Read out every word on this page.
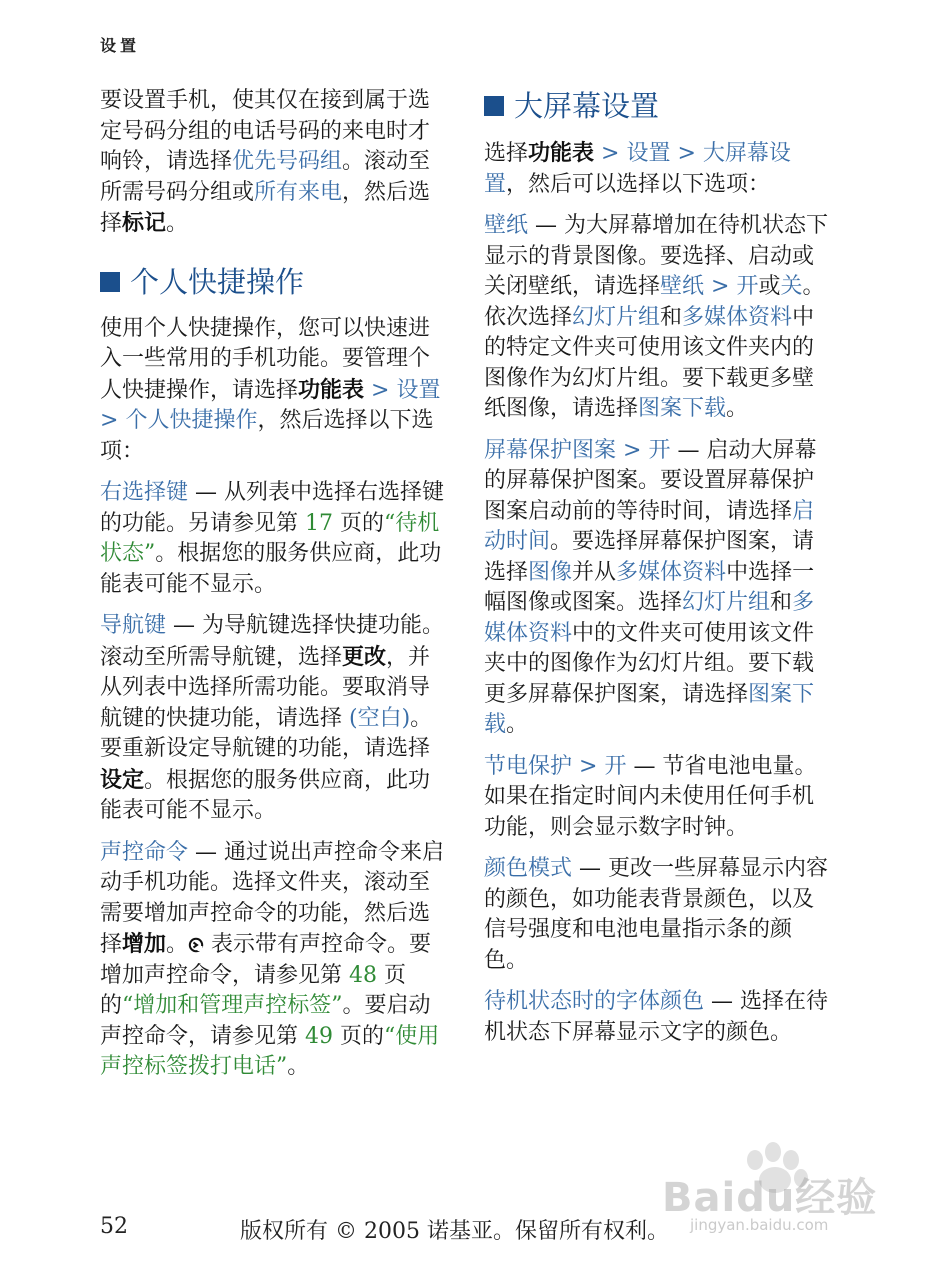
设置

要设置手机，使其仅在接到属于选定号码分组的电话号码的来电时才响铃，请选择优先号码组。滚动至所需号码分组或所有来电，然后选择标记。

个人快捷操作

使用个人快捷操作，您可以快速进入一些常用的手机功能。要管理个人快捷操作，请选择功能表 > 设置 > 个人快捷操作，然后选择以下选项：

右选择键 — 从列表中选择右选择键的功能。另请参见第 17 页的“待机状态”。根据您的服务供应商，此功能表可能不显示。

导航键 — 为导航键选择快捷功能。滚动至所需导航键，选择更改，并从列表中选择所需功能。要取消导航键的快捷功能，请选择 (空白)。要重新设定导航键的功能，请选择设定。根据您的服务供应商，此功能表可能不显示。

声控命令 — 通过说出声控命令来启动手机功能。选择文件夹，滚动至需要增加声控命令的功能，然后选择增加。 表示带有声控命令。要增加声控命令，请参见第 48 页的“增加和管理声控标签”。要启动声控命令，请参见第 49 页的“使用声控标签拨打电话”。

大屏幕设置

选择功能表 > 设置 > 大屏幕设置，然后可以选择以下选项：

壁纸 — 为大屏幕增加在待机状态下显示的背景图像。要选择、启动或关闭壁纸，请选择壁纸 > 开或关。依次选择幻灯片组和多媒体资料中的特定文件夹可使用该文件夹内的图像作为幻灯片组。要下载更多壁纸图像，请选择图案下载。

屏幕保护图案 > 开 — 启动大屏幕的屏幕保护图案。要设置屏幕保护图案启动前的等待时间，请选择启动时间。要选择屏幕保护图案，请选择图像并从多媒体资料中选择一幅图像或图案。选择幻灯片组和多媒体资料中的文件夹可使用该文件夹中的图像作为幻灯片组。要下载更多屏幕保护图案，请选择图案下载。

节电保护 > 开 — 节省电池电量。如果在指定时间内未使用任何手机功能，则会显示数字时钟。

颜色模式 — 更改一些屏幕显示内容的颜色，如功能表背景颜色，以及信号强度和电池电量指示条的颜色。

待机状态时的字体颜色 — 选择在待机状态下屏幕显示文字的颜色。

Baidu经验
jingyan.baidu.com
52	版权所有 © 2005 诺基亚。保留所有权利。
